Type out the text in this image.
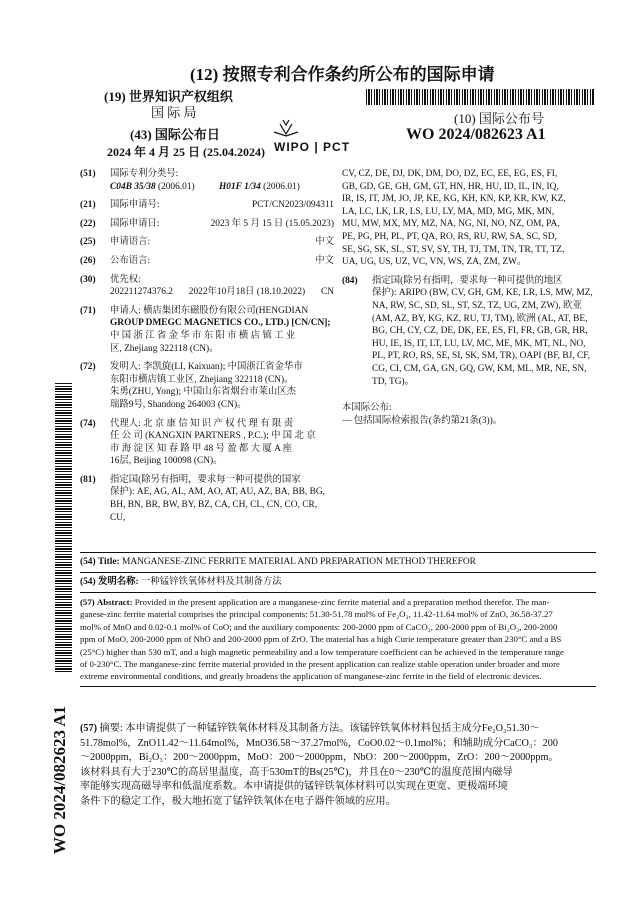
(12) 按照专利合作条约所公布的国际申请
(19) 世界知识产权组织
国 际 局
(43) 国际公布日
2024 年 4 月 25 日 (25.04.2024) WIPO | PCT
(10) 国际公布号
WO 2024/082623 A1
WO 2024/082623 A1
(51) 国际专利分类号:
C04B 35/38 (2006.01)	H01F 1/34 (2006.01)
(21) 国际申请号:	PCT/CN2023/094311
(22) 国际申请日:	2023 年 5 月 15 日 (15.05.2023)
(25) 申请语言:	中文
(26) 公布语言:	中文
(30) 优先权:
202211274376.2 2022年10月18日 (18.10.2022) CN
(71) 申请人: 横店集团东磁股份有限公司(HENGDIAN
GROUP DMEGC MAGNETICS CO., LTD.) [CN/CN];
中 国 浙 江 省 金 华 市 东 阳 市 横 店 镇 工 业
区, Zhejiang 322118 (CN)。
(72) 发明人: 李凯旋(LI, Kaixuan); 中国浙江省金华市
东阳市横店镇工业区, Zhejiang 322118 (CN)。
朱勇(ZHU, Yong); 中国山东省烟台市莱山区杰
瑞路9号, Shandong 264003 (CN)。
(74) 代理人: 北 京 康 信 知 识 产 权 代 理 有 限 责
任 公 司 (KANGXIN PARTNERS , P.C.); 中 国 北 京
市 海 淀 区 知 春 路 甲 48 号 盈 都 大 厦 A 座
16层, Beijing 100098 (CN)。
(81) 指定国(除另有指明，要求每一种可提供的国家
保护): AE, AG, AL, AM, AO, AT, AU, AZ, BA, BB, BG,
BH, BN, BR, BW, BY, BZ, CA, CH, CL, CN, CO, CR, CU,
CV, CZ, DE, DJ, DK, DM, DO, DZ, EC, EE, EG, ES, FI,
GB, GD, GE, GH, GM, GT, HN, HR, HU, ID, IL, IN, IQ,
IR, IS, IT, JM, JO, JP, KE, KG, KH, KN, KP, KR, KW, KZ,
LA, LC, LK, LR, LS, LU, LY, MA, MD, MG, MK, MN,
MU, MW, MX, MY, MZ, NA, NG, NI, NO, NZ, OM, PA,
PE, PG, PH, PL, PT, QA, RO, RS, RU, RW, SA, SC, SD,
SE, SG, SK, SL, ST, SV, SY, TH, TJ, TM, TN, TR, TT, TZ,
UA, UG, US, UZ, VC, VN, WS, ZA, ZM, ZW。
(84) 指定国(除另有指明，要求每一种可提供的地区
保护): ARIPO (BW, CV, GH, GM, KE, LR, LS, MW, MZ,
NA, RW, SC, SD, SL, ST, SZ, TZ, UG, ZM, ZW), 欧亚
(AM, AZ, BY, KG, KZ, RU, TJ, TM), 欧洲 (AL, AT, BE,
BG, CH, CY, CZ, DE, DK, EE, ES, FI, FR, GB, GR, HR,
HU, IE, IS, IT, LT, LU, LV, MC, ME, MK, MT, NL, NO,
PL, PT, RO, RS, SE, SI, SK, SM, TR), OAPI (BF, BJ, CF,
CG, CI, CM, GA, GN, GQ, GW, KM, ML, MR, NE, SN,
TD, TG)。
本国际公布:
— 包括国际检索报告(条约第21条(3))。
(54) Title: MANGANESE-ZINC FERRITE MATERIAL AND PREPARATION METHOD THEREFOR
(54) 发明名称: 一种锰锌铁氧体材料及其制备方法
(57) Abstract: Provided in the present application are a manganese-zinc ferrite material and a preparation method therefor. The man-
ganese-zinc ferrite material comprises the principal components: 51.30-51.78 mol% of Fe₂O₃, 11.42-11.64 mol% of ZnO, 36.58-37.27
mol% of MnO and 0.02-0.1 mol% of CoO; and the auxiliary components: 200-2000 ppm of CaCO₃, 200-2000 ppm of Bi₂O₃, 200-2000
ppm of MoO, 200-2000 ppm of NbO and 200-2000 ppm of ZrO. The material has a high Curie temperature greater than 230°C and a BS
(25°C) higher than 530 mT, and a high magnetic permeability and a low temperature coefficient can be achieved in the temperature range
of 0-230°C. The manganese-zinc ferrite material provided in the present application can realize stable operation under broader and more
extreme environmental conditions, and greatly broadens the application of manganese-zinc ferrite in the field of electronic devices.
(57) 摘要: 本申请提供了一种锰锌铁氧体材料及其制备方法。该锰锌铁氧体材料包括主成分Fe₂O₃51.30～
51.78mol%，ZnO11.42～11.64mol%，MnO36.58～37.27mol%，CoO0.02～0.1mol%；和辅助成分CaCO₃：200
～2000ppm，Bi₂O₃：200～2000ppm，MoO：200～2000ppm，NbO：200～2000ppm，ZrO：200～2000ppm。
该材料具有大于230℃的高居里温度，高于530mT的Bs(25℃)，并且在0～230℃的温度范围内磁导
率能够实现高磁导率和低温度系数。本申请提供的锰锌铁氧体材料可以实现在更宽、更极端环境
条件下的稳定工作，极大地拓宽了锰锌铁氧体在电子器件领域的应用。
